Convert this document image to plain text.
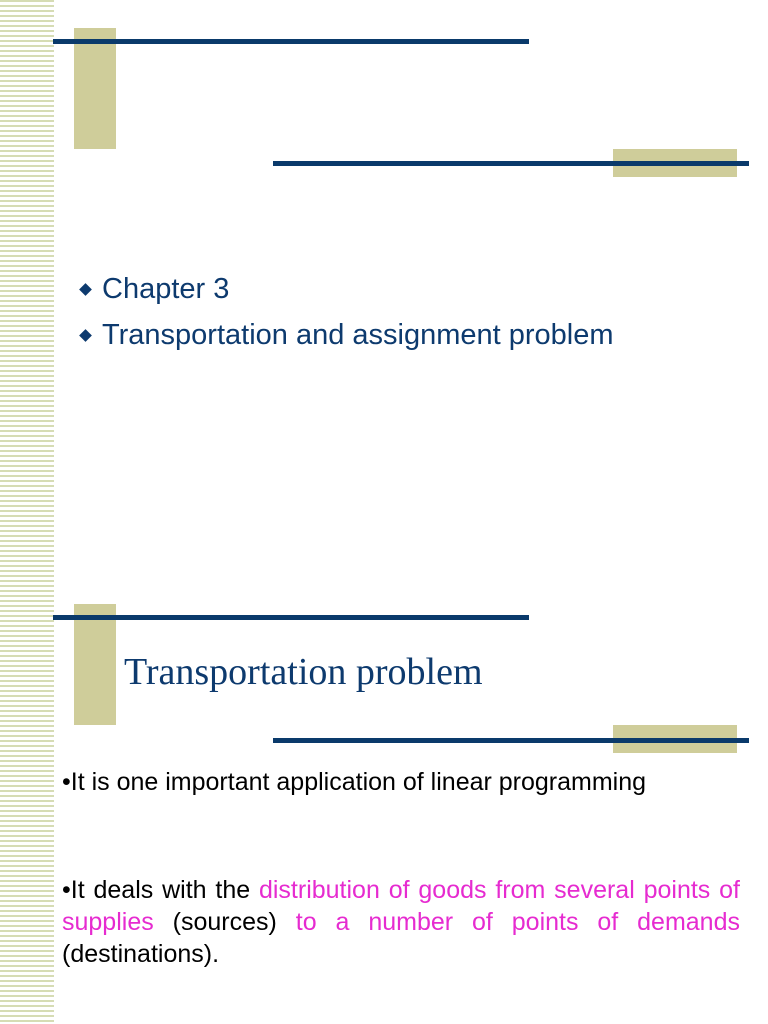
Chapter 3
Transportation and assignment problem
Transportation problem

•It is one important application of linear programming

•It deals with the distribution of goods from several points of supplies (sources) to a number of points of demands (destinations).
